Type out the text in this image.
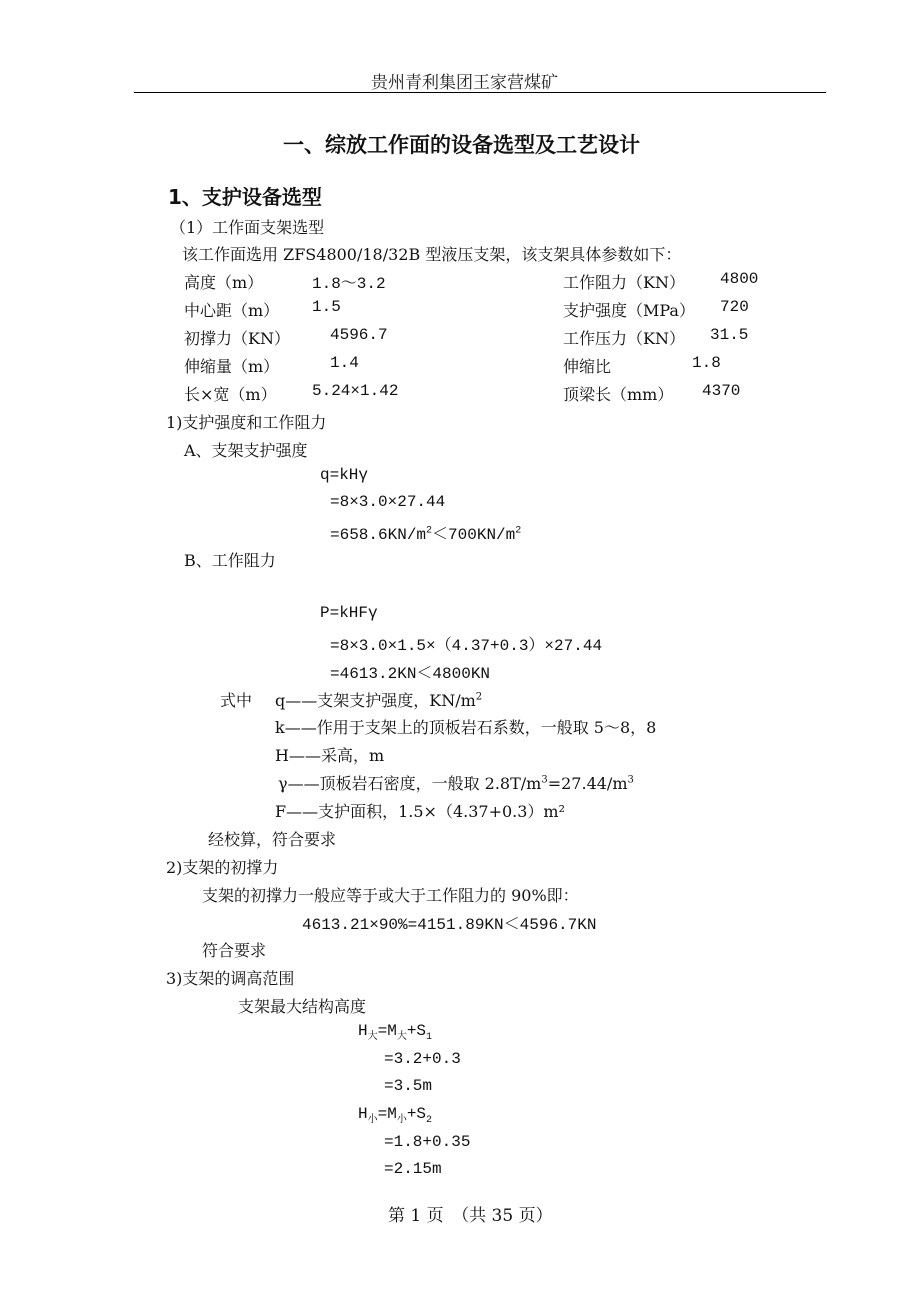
贵州青利集团王家营煤矿
一、综放工作面的设备选型及工艺设计
1、支护设备选型
（1）工作面支架选型
该工作面选用 ZFS4800/18/32B 型液压支架，该支架具体参数如下：
高度（m）	1.8～3.2	工作阻力（KN） 4800
中心距（m） 1.5	支护强度（MPa） 720
初撑力（KN）	4596.7	工作压力（KN） 31.5
伸缩量（m）	1.4	伸缩比	1.8
长×宽（m） 5.24×1.42	顶梁长（mm） 4370
1)支护强度和工作阻力
A、支架支护强度
q=kHγ
=8×3.0×27.44
$=658.6KN/m^2<700KN/m^2$
B、工作阻力
P=kHFγ
=8×3.0×1.5×（4.37+0.3）×27.44
=4613.2KN＜4800KN
式中 q——支架支护强度，$KN/m^2$
k——作用于支架上的顶板岩石系数，一般取 5～8，8
H——采高，m
γ——顶板岩石密度，一般取 $2.8T/m^3=27.44/m^3$
F——支护面积，1.5×（4.37+0.3）m²
经校算，符合要求
2)支架的初撑力
支架的初撑力一般应等于或大于工作阻力的 90%即：
4613.21×90%=4151.89KN＜4596.7KN
符合要求
3)支架的调高范围
支架最大结构高度
$H_大=M_大+S_1$
=3.2+0.3
=3.5m
$H_小=M_小+S_2$
=1.8+0.35
=2.15m
第 1 页　（共 35 页）
